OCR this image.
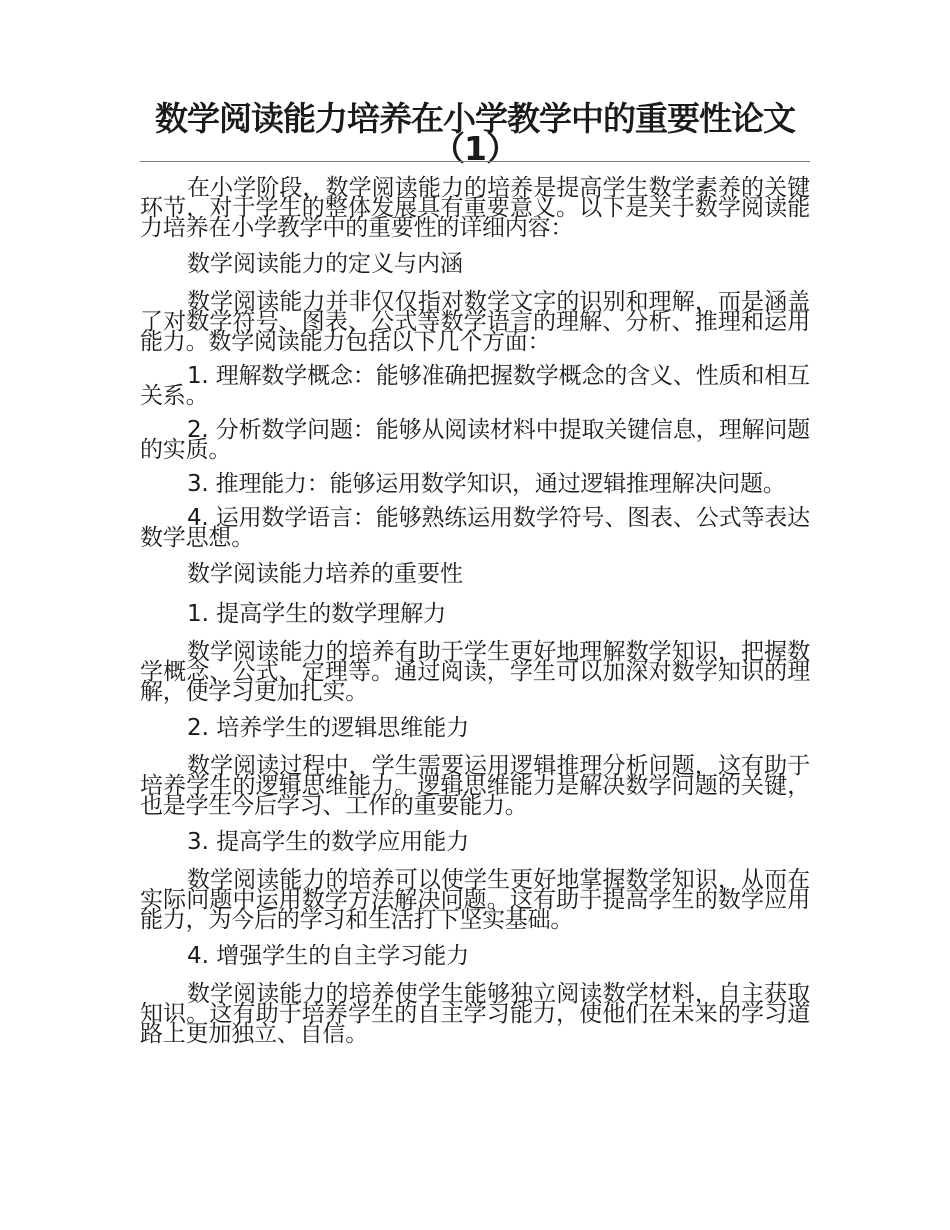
数学阅读能力培养在小学教学中的重要性论文（1）

在小学阶段，数学阅读能力的培养是提高学生数学素养的关键环节，对于学生的整体发展具有重要意义。以下是关于数学阅读能力培养在小学教学中的重要性的详细内容：

数学阅读能力的定义与内涵

数学阅读能力并非仅仅指对数学文字的识别和理解，而是涵盖了对数学符号、图表、公式等数学语言的理解、分析、推理和运用能力。数学阅读能力包括以下几个方面：

1. 理解数学概念：能够准确把握数学概念的含义、性质和相互关系。

2. 分析数学问题：能够从阅读材料中提取关键信息，理解问题的实质。

3. 推理能力：能够运用数学知识，通过逻辑推理解决问题。

4. 运用数学语言：能够熟练运用数学符号、图表、公式等表达数学思想。

数学阅读能力培养的重要性

1. 提高学生的数学理解力

数学阅读能力的培养有助于学生更好地理解数学知识，把握数学概念、公式、定理等。通过阅读，学生可以加深对数学知识的理解，使学习更加扎实。

2. 培养学生的逻辑思维能力

数学阅读过程中，学生需要运用逻辑推理分析问题，这有助于培养学生的逻辑思维能力。逻辑思维能力是解决数学问题的关键，也是学生今后学习、工作的重要能力。

3. 提高学生的数学应用能力

数学阅读能力的培养可以使学生更好地掌握数学知识，从而在实际问题中运用数学方法解决问题。这有助于提高学生的数学应用能力，为今后的学习和生活打下坚实基础。

4. 增强学生的自主学习能力

数学阅读能力的培养使学生能够独立阅读数学材料，自主获取知识。这有助于培养学生的自主学习能力，使他们在未来的学习道路上更加独立、自信。
